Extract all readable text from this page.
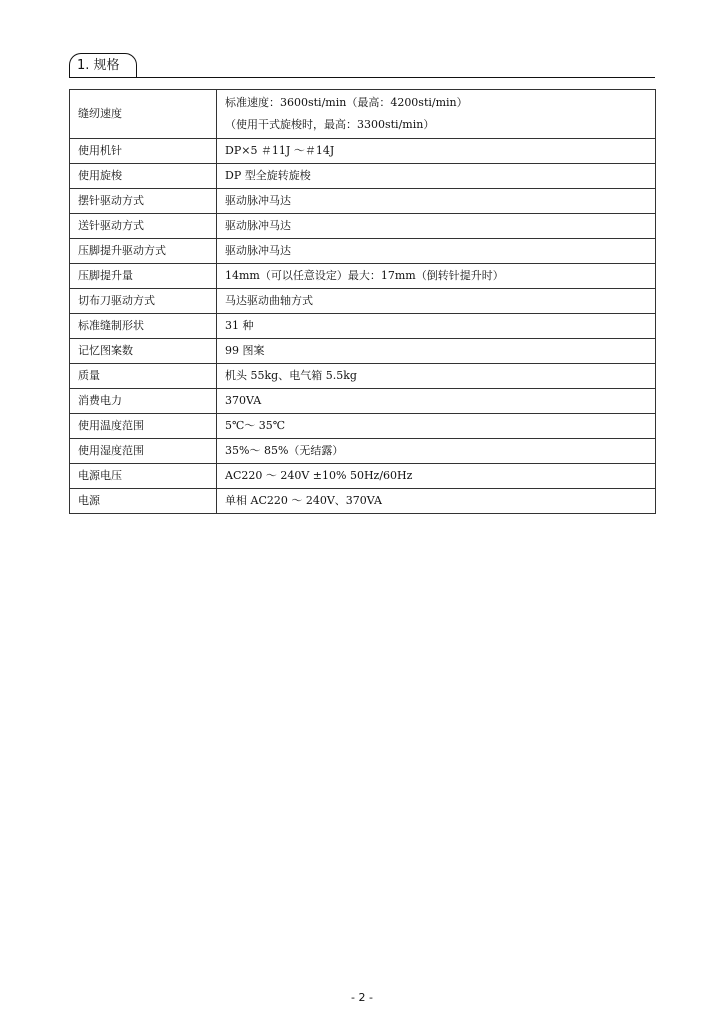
1. 规格
缝纫速度	标准速度：3600sti/min（最高：4200sti/min）
（使用干式旋梭时，最高：3300sti/min）

使用机针	DP×5 ＃11J ～＃14J

使用旋梭	DP 型全旋转旋梭

摆针驱动方式	驱动脉冲马达

送针驱动方式	驱动脉冲马达

压脚提升驱动方式	驱动脉冲马达

压脚提升量	14mm（可以任意设定）最大：17mm（倒转针提升时）

切布刀驱动方式	马达驱动曲轴方式

标准缝制形状	31 种

记忆图案数	99 图案

质量	机头 55kg、电气箱 5.5kg

消费电力	370VA

使用温度范围	5℃～ 35℃

使用湿度范围	35%～ 85%（无结露）

电源电压	AC220 ～ 240V ±10% 50Hz/60Hz

电源	单相 AC220 ～ 240V、370VA
- 2 -
